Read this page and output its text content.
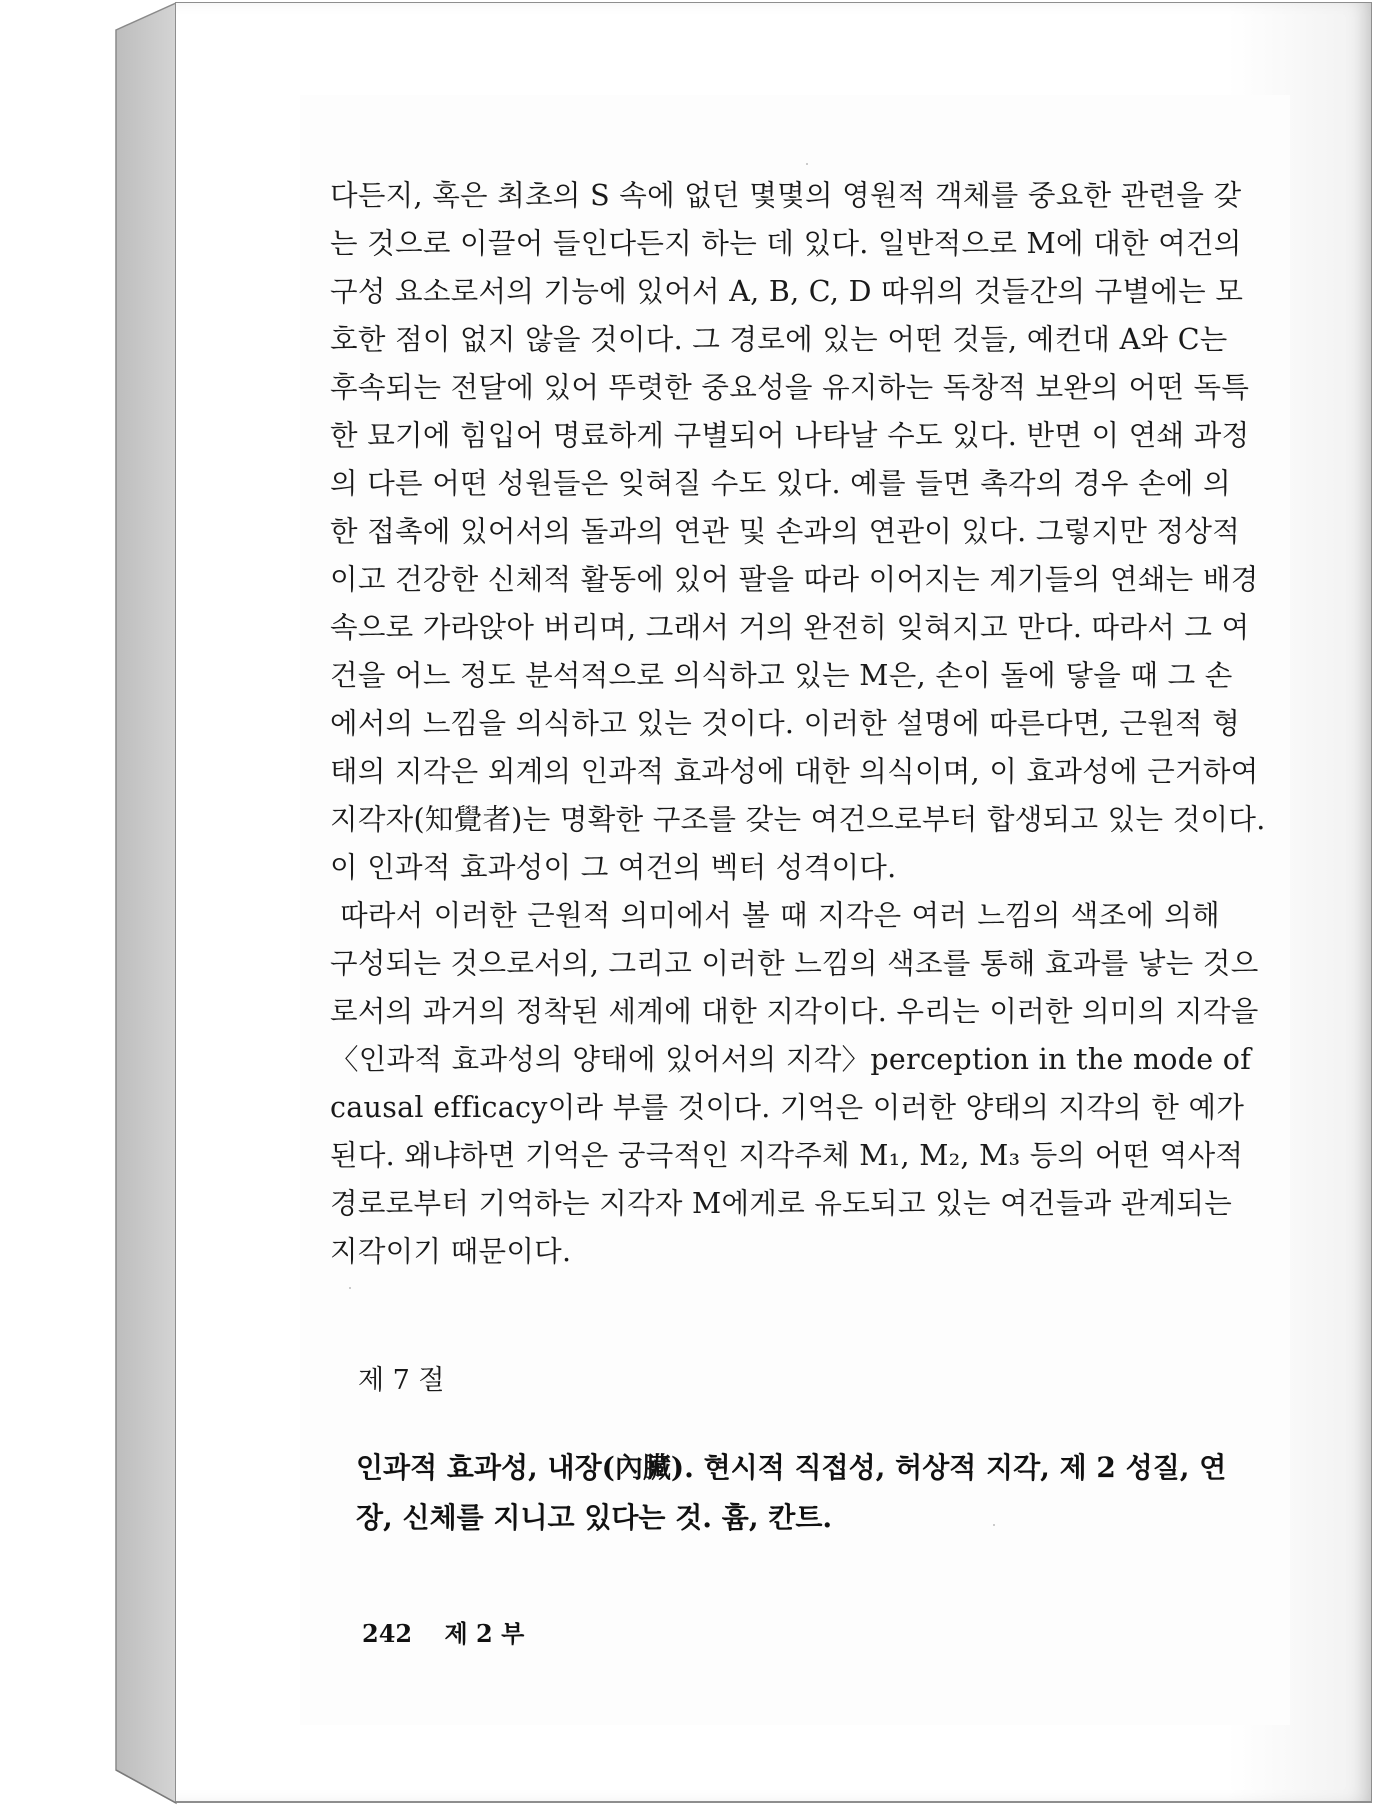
다든지, 혹은 최초의 S 속에 없던 몇몇의 영원적 객체를 중요한 관련을 갖
는 것으로 이끌어 들인다든지 하는 데 있다. 일반적으로 M에 대한 여건의
구성 요소로서의 기능에 있어서 A, B, C, D 따위의 것들간의 구별에는 모
호한 점이 없지 않을 것이다. 그 경로에 있는 어떤 것들, 예컨대 A와 C는
후속되는 전달에 있어 뚜렷한 중요성을 유지하는 독창적 보완의 어떤 독특
한 묘기에 힘입어 명료하게 구별되어 나타날 수도 있다. 반면 이 연쇄 과정
의 다른 어떤 성원들은 잊혀질 수도 있다. 예를 들면 촉각의 경우 손에 의
한 접촉에 있어서의 돌과의 연관 및 손과의 연관이 있다. 그렇지만 정상적
이고 건강한 신체적 활동에 있어 팔을 따라 이어지는 계기들의 연쇄는 배경
속으로 가라앉아 버리며, 그래서 거의 완전히 잊혀지고 만다. 따라서 그 여
건을 어느 정도 분석적으로 의식하고 있는 M은, 손이 돌에 닿을 때 그 손
에서의 느낌을 의식하고 있는 것이다. 이러한 설명에 따른다면, 근원적 형
태의 지각은 외계의 인과적 효과성에 대한 의식이며, 이 효과성에 근거하여
지각자(知覺者)는 명확한 구조를 갖는 여건으로부터 합생되고 있는 것이다.
이 인과적 효과성이 그 여건의 벡터 성격이다.
따라서 이러한 근원적 의미에서 볼 때 지각은 여러 느낌의 색조에 의해
구성되는 것으로서의, 그리고 이러한 느낌의 색조를 통해 효과를 낳는 것으
로서의 과거의 정착된 세계에 대한 지각이다. 우리는 이러한 의미의 지각을
〈인과적 효과성의 양태에 있어서의 지각〉perception in the mode of
causal efficacy이라 부를 것이다. 기억은 이러한 양태의 지각의 한 예가
된다. 왜냐하면 기억은 궁극적인 지각주체 M₁, M₂, M₃ 등의 어떤 역사적
경로로부터 기억하는 지각자 M에게로 유도되고 있는 여건들과 관계되는
지각이기 때문이다.
제 7 절
인과적 효과성, 내장(內臟). 현시적 직접성, 허상적 지각, 제 2 성질, 연
장, 신체를 지니고 있다는 것. 흄, 칸트.
242 제 2 부
